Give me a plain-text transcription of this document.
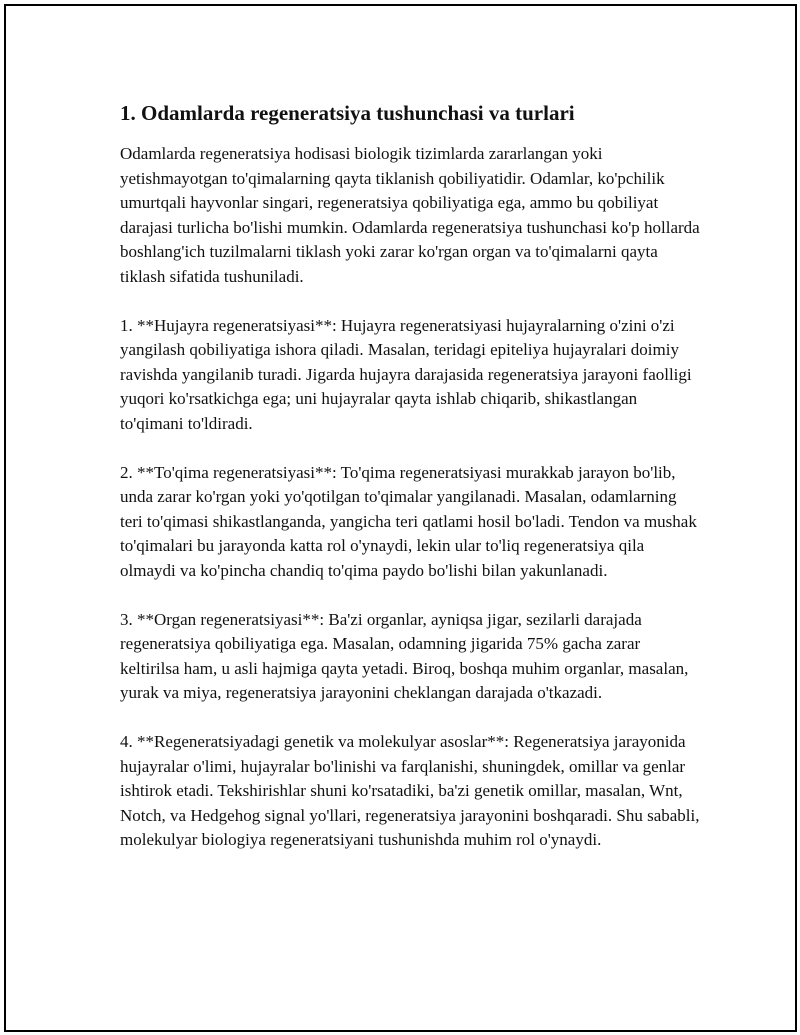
1. Odamlarda regeneratsiya tushunchasi va turlari

Odamlarda regeneratsiya hodisasi biologik tizimlarda zararlangan yoki yetishmayotgan to'qimalarning qayta tiklanish qobiliyatidir. Odamlar, ko'pchilik umurtqali hayvonlar singari, regeneratsiya qobiliyatiga ega, ammo bu qobiliyat darajasi turlicha bo'lishi mumkin. Odamlarda regeneratsiya tushunchasi ko'p hollarda boshlang'ich tuzilmalarni tiklash yoki zarar ko'rgan organ va to'qimalarni qayta tiklash sifatida tushuniladi.

1. **Hujayra regeneratsiyasi**: Hujayra regeneratsiyasi hujayralarning o'zini o'zi yangilash qobiliyatiga ishora qiladi. Masalan, teridagi epiteliya hujayralari doimiy ravishda yangilanib turadi. Jigarda hujayra darajasida regeneratsiya jarayoni faolligi yuqori ko'rsatkichga ega; uni hujayralar qayta ishlab chiqarib, shikastlangan to'qimani to'ldiradi.

2. **To'qima regeneratsiyasi**: To'qima regeneratsiyasi murakkab jarayon bo'lib, unda zarar ko'rgan yoki yo'qotilgan to'qimalar yangilanadi. Masalan, odamlarning teri to'qimasi shikastlanganda, yangicha teri qatlami hosil bo'ladi. Tendon va mushak to'qimalari bu jarayonda katta rol o'ynaydi, lekin ular to'liq regeneratsiya qila olmaydi va ko'pincha chandiq to'qima paydo bo'lishi bilan yakunlanadi.

3. **Organ regeneratsiyasi**: Ba'zi organlar, ayniqsa jigar, sezilarli darajada regeneratsiya qobiliyatiga ega. Masalan, odamning jigarida 75% gacha zarar keltirilsa ham, u asli hajmiga qayta yetadi. Biroq, boshqa muhim organlar, masalan, yurak va miya, regeneratsiya jarayonini cheklangan darajada o'tkazadi.

4. **Regeneratsiyadagi genetik va molekulyar asoslar**: Regeneratsiya jarayonida hujayralar o'limi, hujayralar bo'linishi va farqlanishi, shuningdek, omillar va genlar ishtirok etadi. Tekshirishlar shuni ko'rsatadiki, ba'zi genetik omillar, masalan, Wnt, Notch, va Hedgehog signal yo'llari, regeneratsiya jarayonini boshqaradi. Shu sababli, molekulyar biologiya regeneratsiyani tushunishda muhim rol o'ynaydi.
